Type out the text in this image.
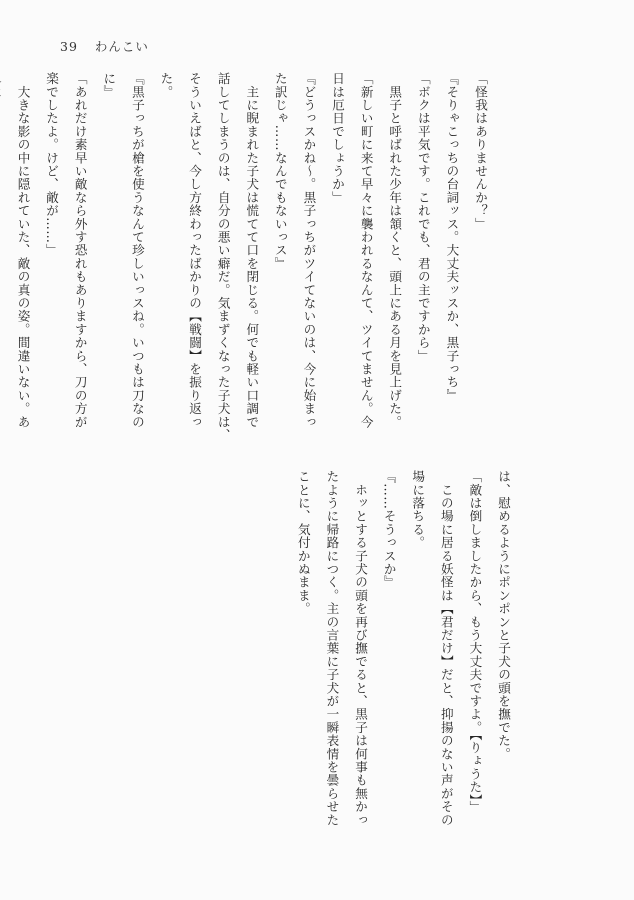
39 わんこい
「怪我はありませんか？」
『そりゃこっちの台詞ッス。大丈夫ッスか、黒子っち』
「ボクは平気です。これでも、君の主ですから」
　黒子と呼ばれた少年は頷くと、頭上にある月を見上げた。
「新しい町に来て早々に襲われるなんて、ツイてません。今
日は厄日でしょうか」
『どうっスかね～。黒子っちがツイてないのは、今に始まっ
た訳じゃ……なんでもないっス』
　主に睨まれた子犬は慌てて口を閉じる。何でも軽い口調で
話してしまうのは、自分の悪い癖だ。気まずくなった子犬は、
そういえばと、今し方終わったばかりの【戦闘】を振り返っ
た。
『黒子っちが槍を使うなんて珍しいっスね。いつもは刀なの
に』
「あれだけ素早い敵なら外す恐れもありますから、刀の方が
楽でしたよ。けど、敵が……」
　大きな影の中に隠れていた、敵の真の姿。間違いない。あ
は、慰めるようにポンポンと子犬の頭を撫でた。
「敵は倒しましたから、もう大丈夫ですよ。【りょうた】」
　この場に居る妖怪は【君だけ】だと、抑揚のない声がその
場に落ちる。
『……そうっスか』
　ホッとする子犬の頭を再び撫でると、黒子は何事も無かっ
たように帰路につく。主の言葉に子犬が一瞬表情を曇らせた
ことに、気付かぬまま。
